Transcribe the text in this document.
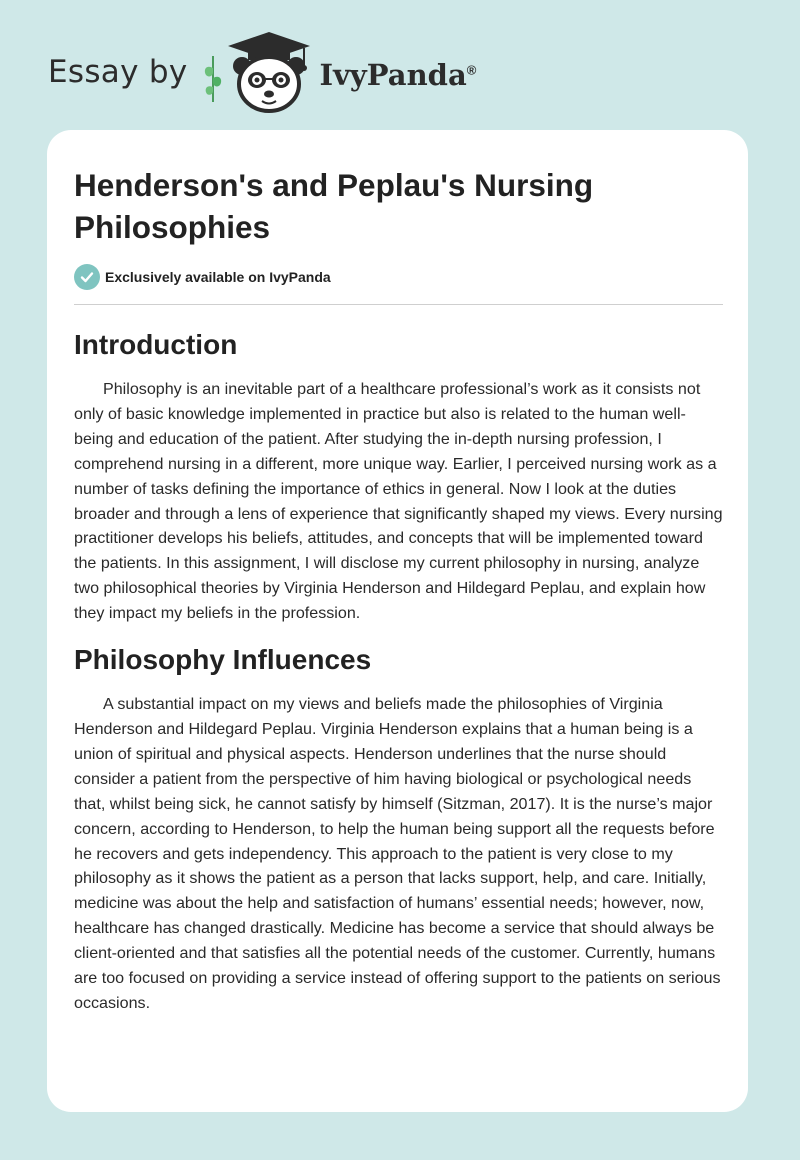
Essay by	IvyPanda®
Henderson's and Peplau's Nursing Philosophies
Exclusively available on IvyPanda
Introduction

Philosophy is an inevitable part of a healthcare professional’s work as it consists not only of basic knowledge implemented in practice but also is related to the human well-being and education of the patient. After studying the in-depth nursing profession, I comprehend nursing in a different, more unique way. Earlier, I perceived nursing work as a number of tasks defining the importance of ethics in general. Now I look at the duties broader and through a lens of experience that significantly shaped my views. Every nursing practitioner develops his beliefs, attitudes, and concepts that will be implemented toward the patients. In this assignment, I will disclose my current philosophy in nursing, analyze two philosophical theories by Virginia Henderson and Hildegard Peplau, and explain how they impact my beliefs in the profession.

Philosophy Influences

A substantial impact on my views and beliefs made the philosophies of Virginia Henderson and Hildegard Peplau. Virginia Henderson explains that a human being is a union of spiritual and physical aspects. Henderson underlines that the nurse should consider a patient from the perspective of him having biological or psychological needs that, whilst being sick, he cannot satisfy by himself (Sitzman, 2017). It is the nurse’s major concern, according to Henderson, to help the human being support all the requests before he recovers and gets independency. This approach to the patient is very close to my philosophy as it shows the patient as a person that lacks support, help, and care. Initially, medicine was about the help and satisfaction of humans’ essential needs; however, now, healthcare has changed drastically. Medicine has become a service that should always be client-oriented and that satisfies all the potential needs of the customer. Currently, humans are too focused on providing a service instead of offering support to the patients on serious occasions.
